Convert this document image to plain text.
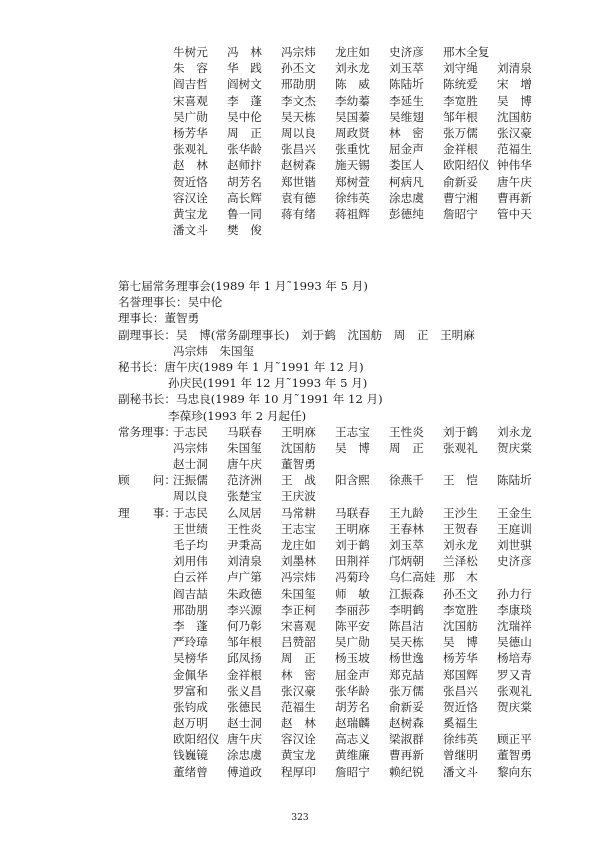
牛树元	冯　林	冯宗炜	龙庄如	史济彦	邢木全复
朱　容	华　践	孙丕文	刘永龙	刘玉萃	刘守绳	刘清泉
阎吉哲	阎树文	邢劭朋	陈　威	陈陆圻	陈统爱	宋　增
宋喜观	李　蓬	李文杰	李幼蓁	李延生	李宽胜	吴　博
吴广勋	吴中伦	吴天栋	吴国蓁	吴维翅	邹年根	沈国舫
杨芳华	周　正	周以良	周政贤	林　密	张万儒	张汉豪
张观礼	张华龄	张昌兴	张重忱	屈金声	金祥根	范福生
赵　林	赵师抃	赵树森	施天锡	娄匡人	欧阳绍仪 钟伟华
贺近恪	胡芳名	郑世锴	郑树萱	柯病凡	俞新妥	唐午庆
容汉诠	高长辉	袁有德	徐纬英	涂忠虞	曹宁湘	曹再新
黄宝龙	鲁一同	蒋有绪	蒋祖辉	彭德纯	詹昭宁	管中天
潘文斗	樊　俊
第七届常务理事会(1989 年 1 月˜1993 年 5 月)
名誉理事长：吴中伦
理事长：董智勇
副理事长：吴　博(常务副理事长)　刘于鹤　沈国舫　周　正　王明麻
冯宗炜　朱国玺
秘书长：唐午庆(1989 年 1 月˜1991 年 12 月)
孙庆民(1991 年 12 月˜1993 年 5 月)
副秘书长：马忠良(1989 年 10 月˜1991 年 12 月)
李葆珍(1993 年 2 月起任)
常务理事：
于志民	马联春	王明庥	王志宝	王性炎	刘于鹤	刘永龙
冯宗炜	朱国玺	沈国舫	吴　博	周　正	张观礼	贺庆棠
赵士洞	唐午庆	董智勇
顾　　问：
汪振儒	范济洲	王　战	阳含熙	徐燕千	王　恺	陈陆圻
周以良	张楚宝	王庆波
理　　事：
于志民	么凤居	马常耕	马联春	王九龄	王沙生	王金生
王世绩	王性炎	王志宝	王明庥	王春林	王贺春	王庭训
毛子均	尹秉高	龙庄如	刘于鹤	刘玉萃	刘永龙	刘世骐
刘用伟	刘清泉	刘墨林	田荆祥	邝炳朝	兰泽松	史济彦
白云祥	卢广第	冯宗炜	冯菊玲	乌仁高娃 那　木
阎吉喆	朱政德	朱国玺	师　敏	江振森	孙丕文	孙力行
邢劭朋	李兴源	李正柯	李丽莎	李明鹤	李宽胜	李康琰
李　蓬	何乃彰	宋喜观	陈平安	陈昌洁	沈国舫	沈瑞祥
严玲璋	邹年根	吕赞韶	吴广勋	吴天栋	吴　博	吴德山
吴榜华	邱凤扬	周　正	杨玉坡	杨世逸	杨芳华	杨培寿
金佩华	金祥根	林　密	屈金声	郑克喆	郑国辉	罗又青
罗富和	张义昌	张汉豪	张华龄	张万儒	张昌兴	张观礼
张钧成	张德民	范福生	胡芳名	俞新妥	贺近恪	贺庆棠
赵万明	赵士洞	赵　林	赵瑞麟	赵树森	奚福生
欧阳绍仪 唐午庆	容汉诠	高志义	梁淑群	徐纬英	顾正平
钱巍镜	涂忠虞	黄宝龙	黄维廉	曹再新	曾继明	董智勇
董绪曾	傅道政	程厚印	詹昭宁	赖纪锐	潘文斗	黎向东
323
